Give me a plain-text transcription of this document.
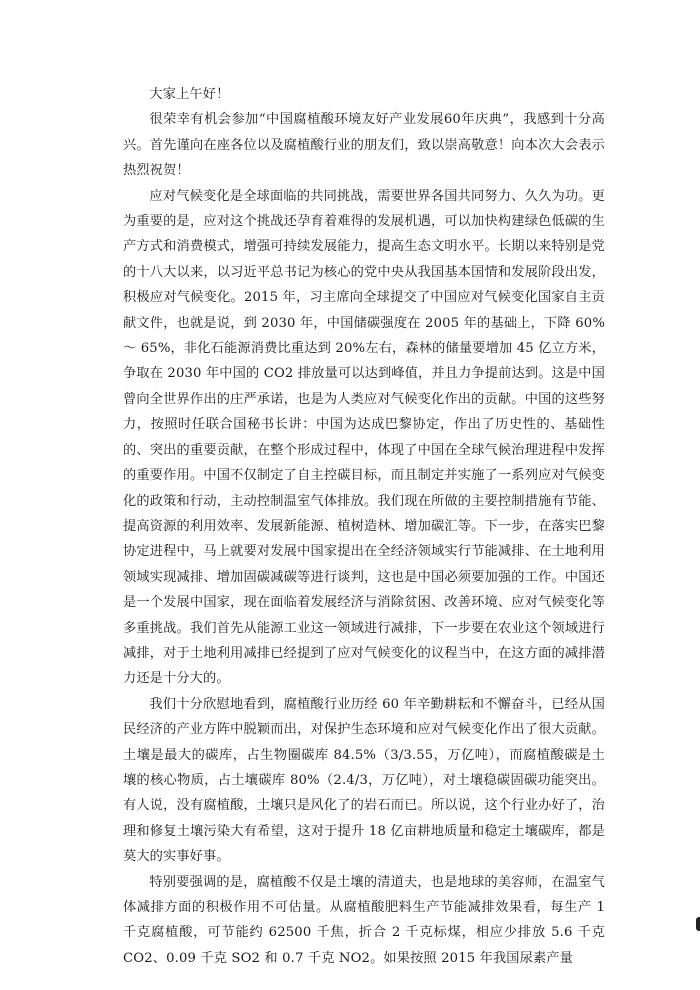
大家上午好！

很荣幸有机会参加“中国腐植酸环境友好产业发展60年庆典”，我感到十分高兴。首先谨向在座各位以及腐植酸行业的朋友们，致以崇高敬意！向本次大会表示热烈祝贺！

应对气候变化是全球面临的共同挑战，需要世界各国共同努力、久久为功。更为重要的是，应对这个挑战还孕育着难得的发展机遇，可以加快构建绿色低碳的生产方式和消费模式，增强可持续发展能力，提高生态文明水平。长期以来特别是党的十八大以来，以习近平总书记为核心的党中央从我国基本国情和发展阶段出发，积极应对气候变化。2015 年，习主席向全球提交了中国应对气候变化国家自主贡献文件，也就是说，到 2030 年，中国储碳强度在 2005 年的基础上，下降 60%～ 65%，非化石能源消费比重达到 20%左右，森林的储量要增加 45 亿立方米，争取在 2030 年中国的 CO2 排放量可以达到峰值，并且力争提前达到。这是中国曾向全世界作出的庄严承诺，也是为人类应对气候变化作出的贡献。中国的这些努力，按照时任联合国秘书长讲：中国为达成巴黎协定，作出了历史性的、基础性的、突出的重要贡献，在整个形成过程中，体现了中国在全球气候治理进程中发挥的重要作用。中国不仅制定了自主控碳目标，而且制定并实施了一系列应对气候变化的政策和行动，主动控制温室气体排放。我们现在所做的主要控制措施有节能、提高资源的利用效率、发展新能源、植树造林、增加碳汇等。下一步，在落实巴黎协定进程中，马上就要对发展中国家提出在全经济领域实行节能减排、在土地利用领域实现减排、增加固碳减碳等进行谈判，这也是中国必须要加强的工作。中国还是一个发展中国家，现在面临着发展经济与消除贫困、改善环境、应对气候变化等多重挑战。我们首先从能源工业这一领域进行减排，下一步要在农业这个领域进行减排，对于土地利用减排已经提到了应对气候变化的议程当中，在这方面的减排潜力还是十分大的。

我们十分欣慰地看到，腐植酸行业历经 60 年辛勤耕耘和不懈奋斗，已经从国民经济的产业方阵中脱颖而出，对保护生态环境和应对气候变化作出了很大贡献。土壤是最大的碳库，占生物圈碳库 84.5%（3/3.55，万亿吨），而腐植酸碳是土壤的核心物质，占土壤碳库 80%（2.4/3，万亿吨），对土壤稳碳固碳功能突出。有人说，没有腐植酸，土壤只是风化了的岩石而已。所以说，这个行业办好了，治理和修复土壤污染大有希望，这对于提升 18 亿亩耕地质量和稳定土壤碳库，都是莫大的实事好事。

特别要强调的是，腐植酸不仅是土壤的清道夫，也是地球的美容师，在温室气体减排方面的积极作用不可估量。从腐植酸肥料生产节能减排效果看，每生产 1 千克腐植酸，可节能约 62500 千焦，折合 2 千克标煤，相应少排放 5.6 千克 CO2、0.09 千克 SO2 和 0.7 千克 NO2。如果按照 2015 年我国尿素产量
